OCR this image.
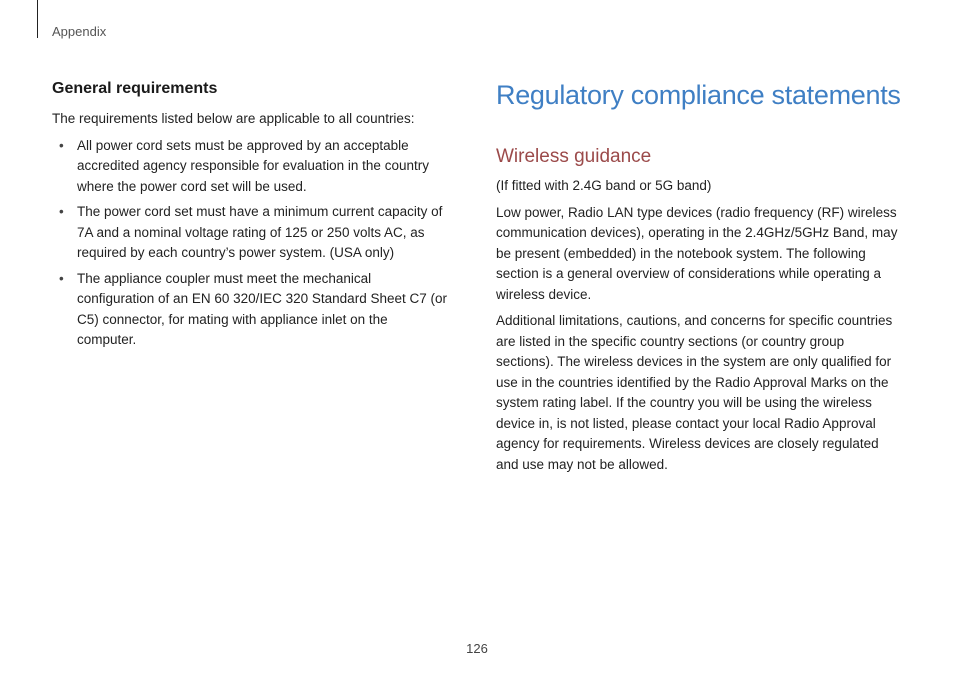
Appendix
General requirements

The requirements listed below are applicable to all countries:

• All power cord sets must be approved by an acceptable accredited agency responsible for evaluation in the country where the power cord set will be used.
• The power cord set must have a minimum current capacity of 7A and a nominal voltage rating of 125 or 250 volts AC, as required by each country’s power system. (USA only)
• The appliance coupler must meet the mechanical configuration of an EN 60 320/IEC 320 Standard Sheet C7 (or C5) connector, for mating with appliance inlet on the computer.
Regulatory compliance statements
Wireless guidance

(If fitted with 2.4G band or 5G band)

Low power, Radio LAN type devices (radio frequency (RF) wireless communication devices), operating in the 2.4GHz/5GHz Band, may be present (embedded) in the notebook system. The following section is a general overview of considerations while operating a wireless device.

Additional limitations, cautions, and concerns for specific countries are listed in the specific country sections (or country group sections). The wireless devices in the system are only qualified for use in the countries identified by the Radio Approval Marks on the system rating label. If the country you will be using the wireless device in, is not listed, please contact your local Radio Approval agency for requirements. Wireless devices are closely regulated and use may not be allowed.

126
